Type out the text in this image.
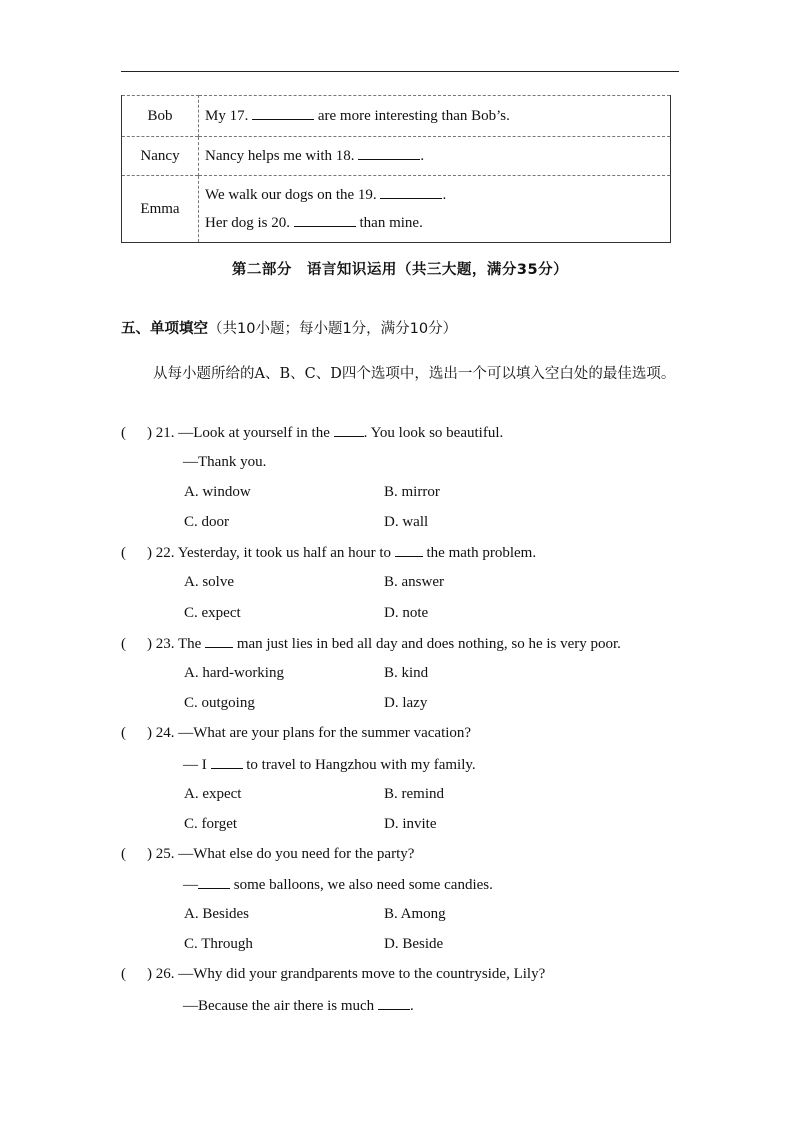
Bob	My 17. are more interesting than Bob’s.
Nancy	Nancy helps me with 18. .
Emma	We walk our dogs on the 19. .
Her dog is 20. than mine.
第二部分　语言知识运用（共三大题，满分35分）
五、单项填空（共10小题；每小题1分，满分10分）
从每小题所给的A、B、C、D四个选项中，选出一个可以填入空白处的最佳选项。
( ) 21. —Look at yourself in the . You look so beautiful.
—Thank you.
A. window	B. mirror
C. door	D. wall
( ) 22. Yesterday, it took us half an hour to the math problem.
A. solve	B. answer
C. expect	D. note
( ) 23. The man just lies in bed all day and does nothing, so he is very poor.
A. hard-working	B. kind
C. outgoing	D. lazy
( ) 24. —What are your plans for the summer vacation?
— I	to travel to Hangzhou with my family.
A. expect	B. remind
C. forget	D. invite
( ) 25. —What else do you need for the party?
— some balloons, we also need some candies.
A. Besides	B. Among
C. Through	D. Beside
( ) 26. —Why did your grandparents move to the countryside, Lily?
—Because the air there is much .
